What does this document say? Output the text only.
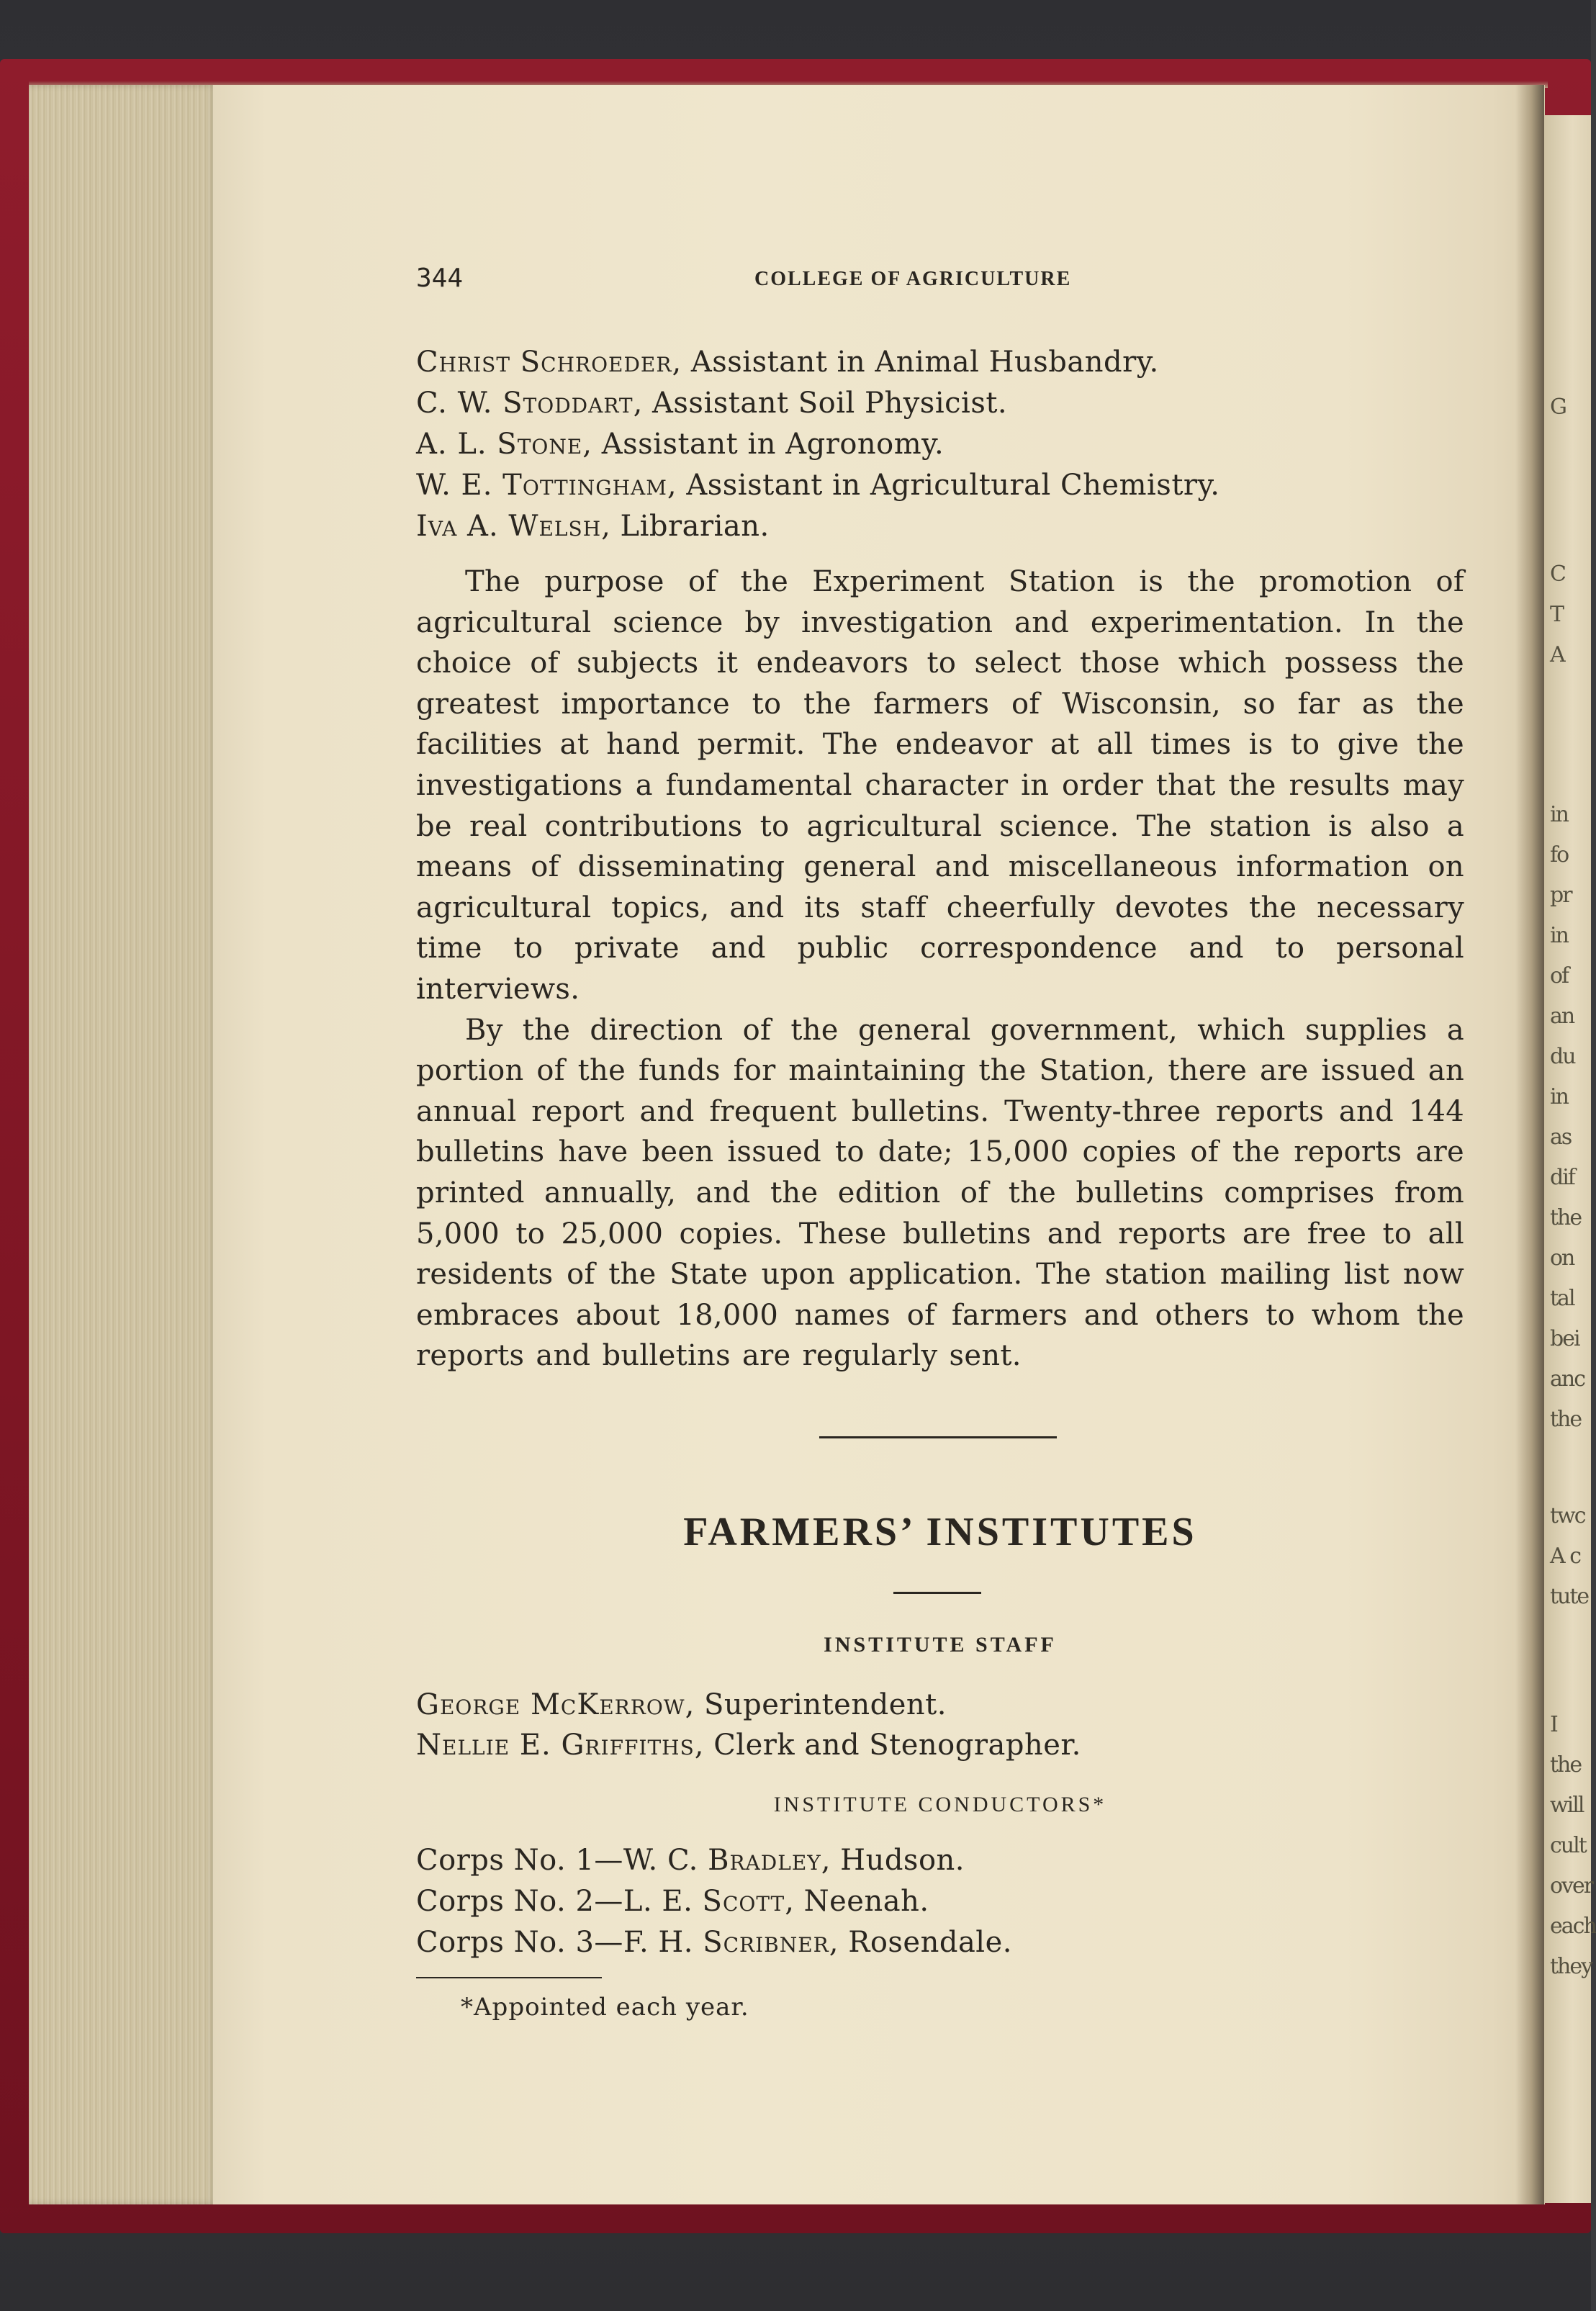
G
C
T
A
in
fo
pr
in
of
an
du
in
as
dif
the
on
tal
bei
anc
the
twc
A c
tute
I
the
will
cult
over
each
they
344	COLLEGE OF AGRICULTURE
Christ Schroeder, Assistant in Animal Husbandry.
C. W. Stoddart, Assistant Soil Physicist.
A. L. Stone, Assistant in Agronomy.
W. E. Tottingham, Assistant in Agricultural Chemistry.
Iva A. Welsh, Librarian.

The purpose of the Experiment Station is the promotion of agricultural science by investigation and experimentation. In the choice of subjects it endeavors to select those which possess the greatest importance to the farmers of Wisconsin, so far as the facilities at hand permit. The endeavor at all times is to give the investigations a fundamental character in order that the results may be real contributions to agricultural science. The station is also a means of disseminating general and miscellaneous information on agricultural topics, and its staff cheerfully devotes the necessary time to private and public correspondence and to personal interviews.

By the direction of the general government, which supplies a portion of the funds for maintaining the Station, there are issued an annual report and frequent bulletins. Twenty-three reports and 144 bulletins have been issued to date; 15,000 copies of the reports are printed annually, and the edition of the bulletins comprises from 5,000 to 25,000 copies. These bulletins and reports are free to all residents of the State upon application. The station mailing list now embraces about 18,000 names of farmers and others to whom the reports and bulletins are regularly sent.

FARMERS’ INSTITUTES
INSTITUTE STAFF
George McKerrow, Superintendent.
Nellie E. Griffiths, Clerk and Stenographer.
INSTITUTE CONDUCTORS*
Corps No. 1—W. C. Bradley, Hudson.
Corps No. 2—L. E. Scott, Neenah.
Corps No. 3—F. H. Scribner, Rosendale.
*Appointed each year.
